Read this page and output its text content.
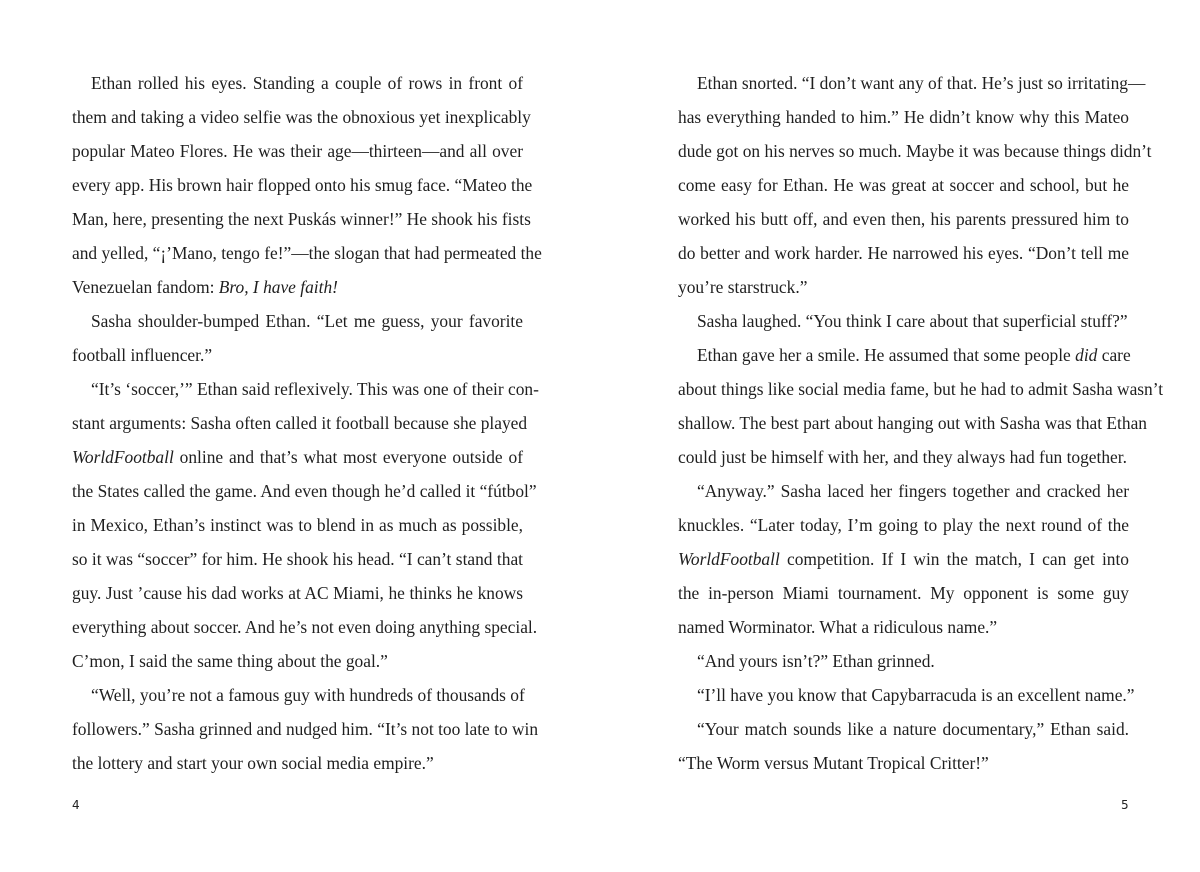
Ethan rolled his eyes. Standing a couple of rows in front of
them and taking a video selfie was the obnoxious yet inexplicably
popular Mateo Flores. He was their age—thirteen—and all over
every app. His brown hair flopped onto his smug face. “Mateo the
Man, here, presenting the next Puskás winner!” He shook his fists
and yelled, “¡’Mano, tengo fe!”—the slogan that had permeated the
Venezuelan fandom: Bro, I have faith!
Sasha shoulder-bumped Ethan. “Let me guess, your favorite
football influencer.”
“It’s ‘soccer,’” Ethan said reflexively. This was one of their con-
stant arguments: Sasha often called it football because she played
WorldFootball online and that’s what most everyone outside of
the States called the game. And even though he’d called it “fútbol”
in Mexico, Ethan’s instinct was to blend in as much as possible,
so it was “soccer” for him. He shook his head. “I can’t stand that
guy. Just ’cause his dad works at AC Miami, he thinks he knows
everything about soccer. And he’s not even doing anything special.
C’mon, I said the same thing about the goal.”
“Well, you’re not a famous guy with hundreds of thousands of
followers.” Sasha grinned and nudged him. “It’s not too late to win
the lottery and start your own social media empire.”
4
Ethan snorted. “I don’t want any of that. He’s just so irritating—
has everything handed to him.” He didn’t know why this Mateo
dude got on his nerves so much. Maybe it was because things didn’t
come easy for Ethan. He was great at soccer and school, but he
worked his butt off, and even then, his parents pressured him to
do better and work harder. He narrowed his eyes. “Don’t tell me
you’re starstruck.”
Sasha laughed. “You think I care about that superficial stuff?”
Ethan gave her a smile. He assumed that some people did care
about things like social media fame, but he had to admit Sasha wasn’t
shallow. The best part about hanging out with Sasha was that Ethan
could just be himself with her, and they always had fun together.
“Anyway.” Sasha laced her fingers together and cracked her
knuckles. “Later today, I’m going to play the next round of the
WorldFootball competition. If I win the match, I can get into
the in-person Miami tournament. My opponent is some guy
named Worminator. What a ridiculous name.”
“And yours isn’t?” Ethan grinned.
“I’ll have you know that Capybarracuda is an excellent name.”
“Your match sounds like a nature documentary,” Ethan said.
“The Worm versus Mutant Tropical Critter!”
5
